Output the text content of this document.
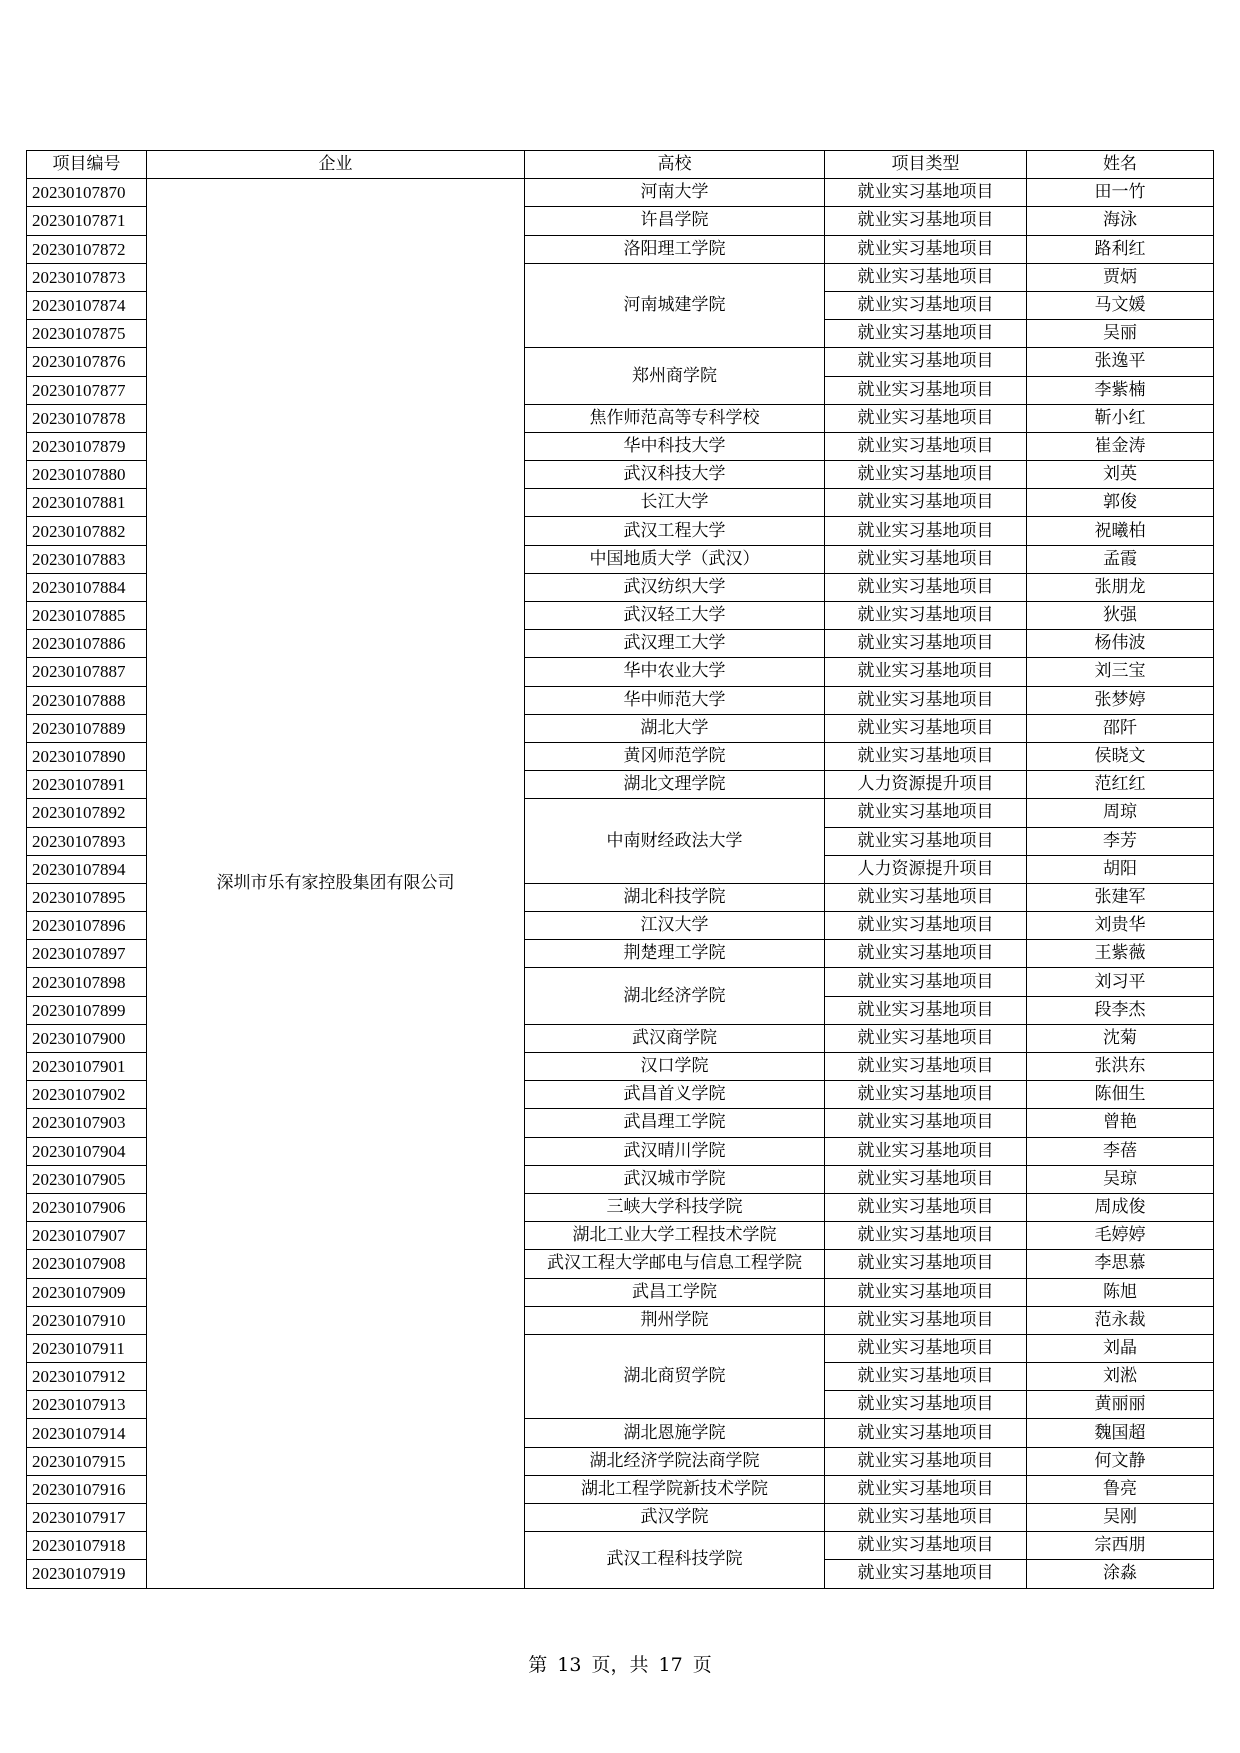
项目编号	企业	高校	项目类型	姓名
20230107870	深圳市乐有家控股集团有限公司	河南大学	就业实习基地项目	田一竹
20230107871		许昌学院	就业实习基地项目	海泳
20230107872		洛阳理工学院	就业实习基地项目	路利红
20230107873		河南城建学院	就业实习基地项目	贾炳
20230107874			就业实习基地项目	马文媛
20230107875			就业实习基地项目	吴丽
20230107876		郑州商学院	就业实习基地项目	张逸平
20230107877			就业实习基地项目	李紫楠
20230107878		焦作师范高等专科学校	就业实习基地项目	靳小红
20230107879		华中科技大学	就业实习基地项目	崔金涛
20230107880		武汉科技大学	就业实习基地项目	刘英
20230107881		长江大学	就业实习基地项目	郭俊
20230107882		武汉工程大学	就业实习基地项目	祝曦柏
20230107883		中国地质大学（武汉）	就业实习基地项目	孟霞
20230107884		武汉纺织大学	就业实习基地项目	张朋龙
20230107885		武汉轻工大学	就业实习基地项目	狄强
20230107886		武汉理工大学	就业实习基地项目	杨伟波
20230107887		华中农业大学	就业实习基地项目	刘三宝
20230107888		华中师范大学	就业实习基地项目	张梦婷
20230107889		湖北大学	就业实习基地项目	邵阡
20230107890		黄冈师范学院	就业实习基地项目	侯晓文
20230107891		湖北文理学院	人力资源提升项目	范红红
20230107892		中南财经政法大学	就业实习基地项目	周琼
20230107893			就业实习基地项目	李芳
20230107894			人力资源提升项目	胡阳
20230107895		湖北科技学院	就业实习基地项目	张建军
20230107896		江汉大学	就业实习基地项目	刘贵华
20230107897		荆楚理工学院	就业实习基地项目	王紫薇
20230107898		湖北经济学院	就业实习基地项目	刘习平
20230107899			就业实习基地项目	段李杰
20230107900		武汉商学院	就业实习基地项目	沈菊
20230107901		汉口学院	就业实习基地项目	张洪东
20230107902		武昌首义学院	就业实习基地项目	陈佃生
20230107903		武昌理工学院	就业实习基地项目	曾艳
20230107904		武汉晴川学院	就业实习基地项目	李蓓
20230107905		武汉城市学院	就业实习基地项目	吴琼
20230107906		三峡大学科技学院	就业实习基地项目	周成俊
20230107907		湖北工业大学工程技术学院	就业实习基地项目	毛婷婷
20230107908		武汉工程大学邮电与信息工程学院	就业实习基地项目	李思慕
20230107909		武昌工学院	就业实习基地项目	陈旭
20230107910		荆州学院	就业实习基地项目	范永裁
20230107911		湖北商贸学院	就业实习基地项目	刘晶
20230107912			就业实习基地项目	刘淞
20230107913			就业实习基地项目	黄丽丽
20230107914		湖北恩施学院	就业实习基地项目	魏国超
20230107915		湖北经济学院法商学院	就业实习基地项目	何文静
20230107916		湖北工程学院新技术学院	就业实习基地项目	鲁亮
20230107917		武汉学院	就业实习基地项目	吴刚
20230107918		武汉工程科技学院	就业实习基地项目	宗西朋
20230107919			就业实习基地项目	涂淼
第 13 页，共 17 页
